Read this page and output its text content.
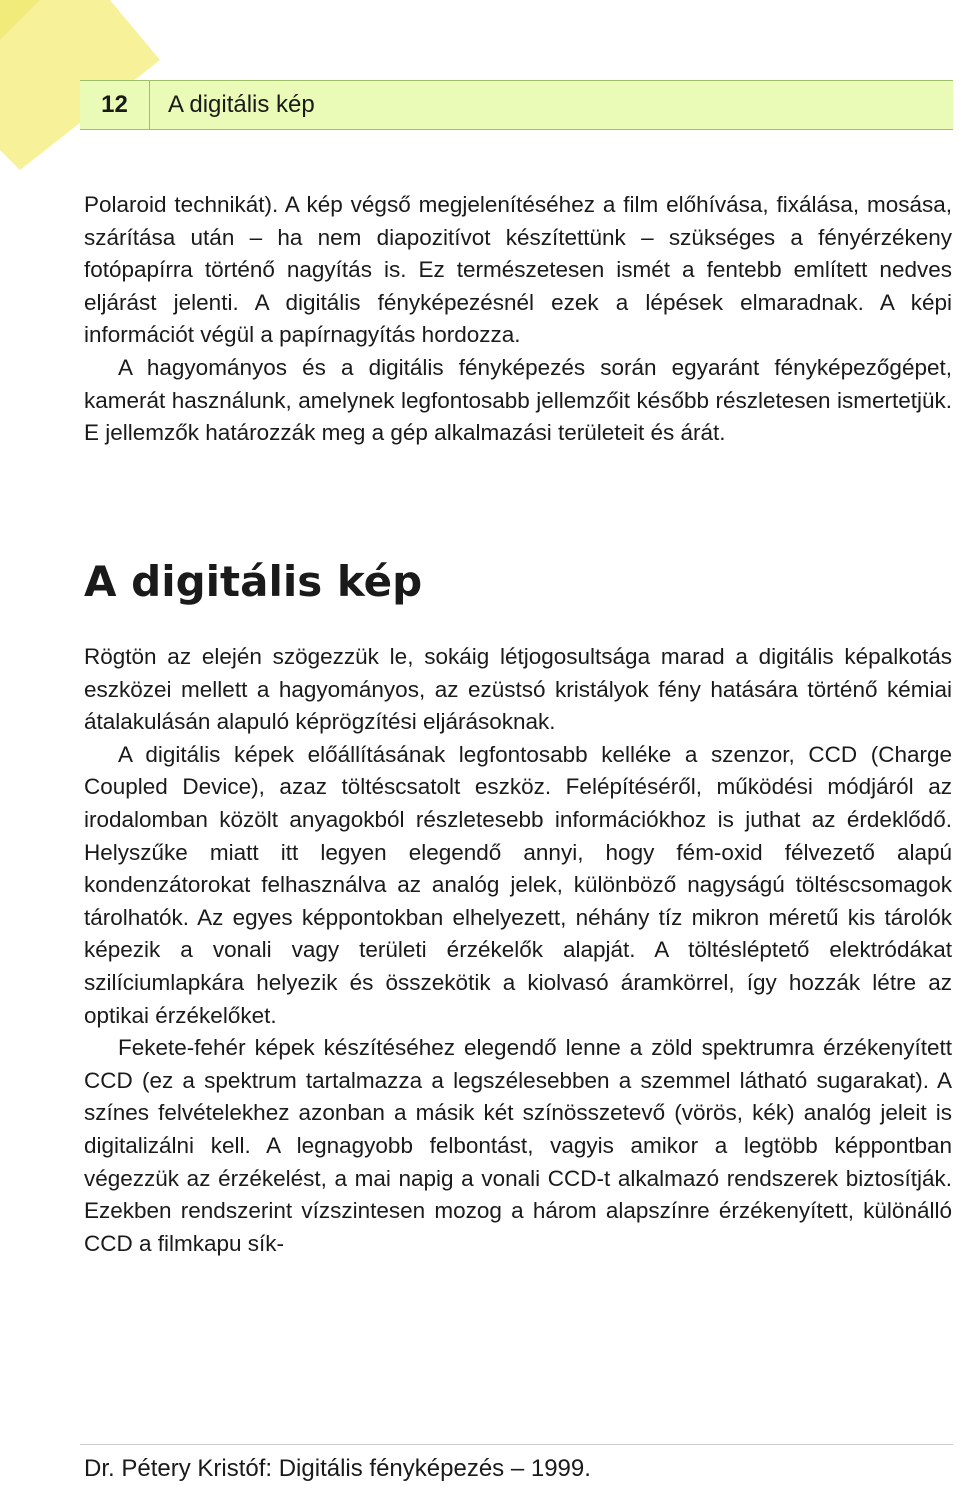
12	A digitális kép

Polaroid technikát). A kép végső megjelenítéséhez a film előhívása, fixálása, mosása, szárítása után – ha nem diapozitívot készítettünk – szükséges a fényérzékeny fotópapírra történő nagyítás is. Ez természetesen ismét a fentebb említett nedves eljárást jelenti. A digitális fényképezésnél ezek a lépések elmaradnak. A képi információt végül a papírnagyítás hordozza.

A hagyományos és a digitális fényképezés során egyaránt fényképezőgépet, kamerát használunk, amelynek legfontosabb jellemzőit később részletesen ismertetjük. E jellemzők határozzák meg a gép alkalmazási területeit és árát.

A digitális kép

Rögtön az elején szögezzük le, sokáig létjogosultsága marad a digitális képalkotás eszközei mellett a hagyományos, az ezüstsó kristályok fény hatására történő kémiai átalakulásán alapuló képrögzítési eljárásoknak.

A digitális képek előállításának legfontosabb kelléke a szenzor, CCD (Charge Coupled Device), azaz töltéscsatolt eszköz. Felépítéséről, működési módjáról az irodalomban közölt anyagokból részletesebb információkhoz is juthat az érdeklődő. Helyszűke miatt itt legyen elegendő annyi, hogy fém-oxid félvezető alapú kondenzátorokat felhasználva az analóg jelek, különböző nagyságú töltéscsomagok tárolhatók. Az egyes képpontokban elhelyezett, néhány tíz mikron méretű kis tárolók képezik a vonali vagy területi érzékelők alapját. A töltésléptető elektródákat szilíciumlapkára helyezik és összekötik a kiolvasó áramkörrel, így hozzák létre az optikai érzékelőket.

Fekete-fehér képek készítéséhez elegendő lenne a zöld spektrumra érzékenyített CCD (ez a spektrum tartalmazza a legszélesebben a szemmel látható sugarakat). A színes felvételekhez azonban a másik két színösszetevő (vörös, kék) analóg jeleit is digitalizálni kell. A legnagyobb felbontást, vagyis amikor a legtöbb képpontban végezzük az érzékelést, a mai napig a vonali CCD-t alkalmazó rendszerek biztosítják. Ezekben rendszerint vízszintesen mozog a három alapszínre érzékenyített, különálló CCD a filmkapu sík-

Dr. Pétery Kristóf: Digitális fényképezés – 1999.
